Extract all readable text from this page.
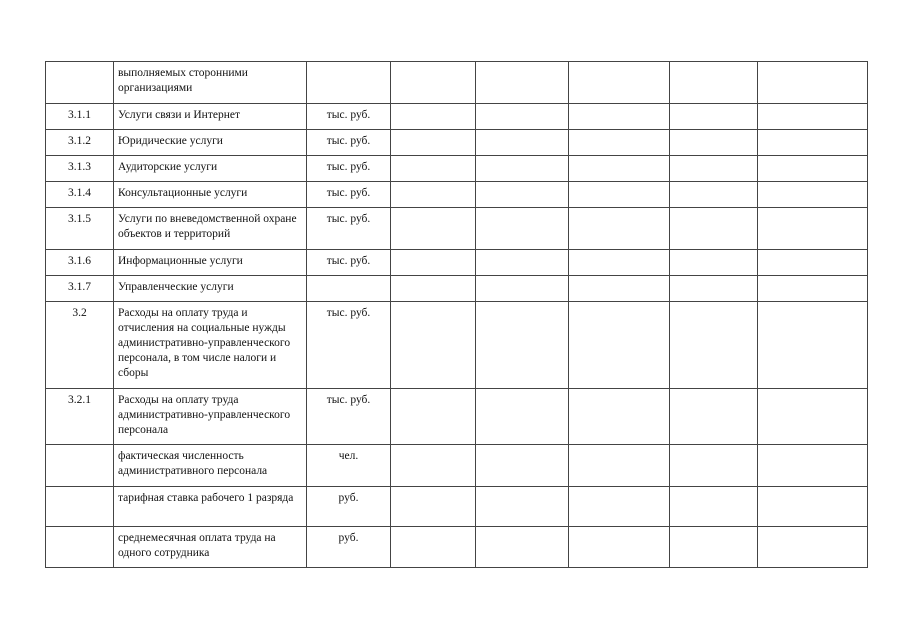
	выполняемых сторонними организациями						
3.1.1	Услуги связи и Интернет	тыс. руб.					
3.1.2	Юридические услуги	тыс. руб.					
3.1.3	Аудиторские услуги	тыс. руб.					
3.1.4	Консультационные услуги	тыс. руб.					
3.1.5	Услуги по вневедомственной охране объектов и территорий	тыс. руб.					
3.1.6	Информационные услуги	тыс. руб.					
3.1.7	Управленческие услуги						
3.2	Расходы на оплату труда и отчисления на социальные нужды административно-управленческого персонала, в том числе налоги и сборы	тыс. руб.					
3.2.1	Расходы на оплату труда административно-управленческого персонала	тыс. руб.					
	фактическая численность административного персонала	чел.					
	тарифная ставка рабочего 1 разряда	руб.					
	среднемесячная оплата труда на одного сотрудника	руб.					
